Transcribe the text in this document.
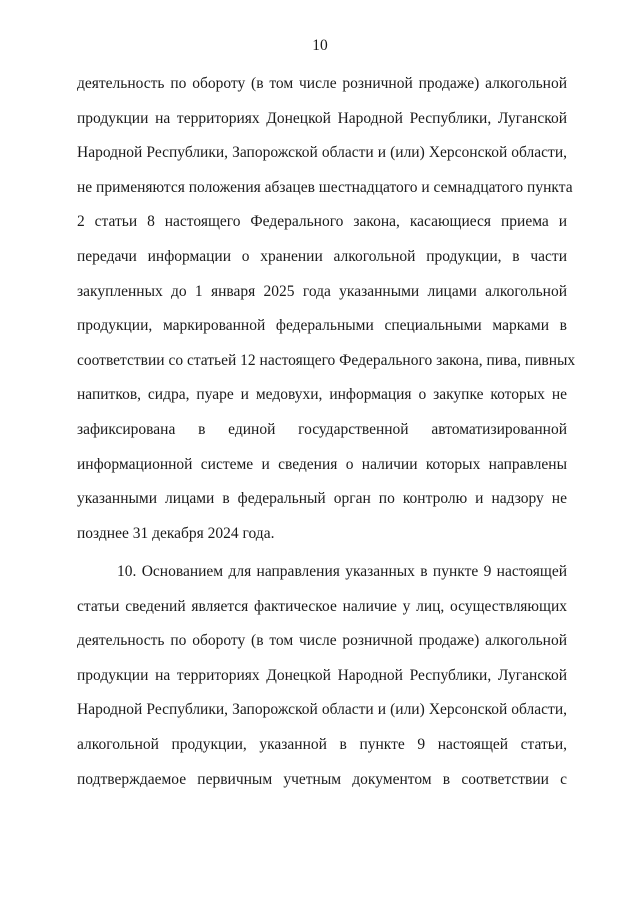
10
деятельность по обороту (в том числе розничной продаже) алкогольной
продукции на территориях Донецкой Народной Республики, Луганской
Народной Республики, Запорожской области и (или) Херсонской области,
не применяются положения абзацев шестнадцатого и семнадцатого пункта
2 статьи 8 настоящего Федерального закона, касающиеся приема и
передачи информации о хранении алкогольной продукции, в части
закупленных до 1 января 2025 года указанными лицами алкогольной
продукции, маркированной федеральными специальными марками в
соответствии со статьей 12 настоящего Федерального закона, пива, пивных
напитков, сидра, пуаре и медовухи, информация о закупке которых не
зафиксирована в единой государственной автоматизированной
информационной системе и сведения о наличии которых направлены
указанными лицами в федеральный орган по контролю и надзору не
позднее 31 декабря 2024 года.
10. Основанием для направления указанных в пункте 9 настоящей
статьи сведений является фактическое наличие у лиц, осуществляющих
деятельность по обороту (в том числе розничной продаже) алкогольной
продукции на территориях Донецкой Народной Республики, Луганской
Народной Республики, Запорожской области и (или) Херсонской области,
алкогольной продукции, указанной в пункте 9 настоящей статьи,
подтверждаемое первичным учетным документом в соответствии с
